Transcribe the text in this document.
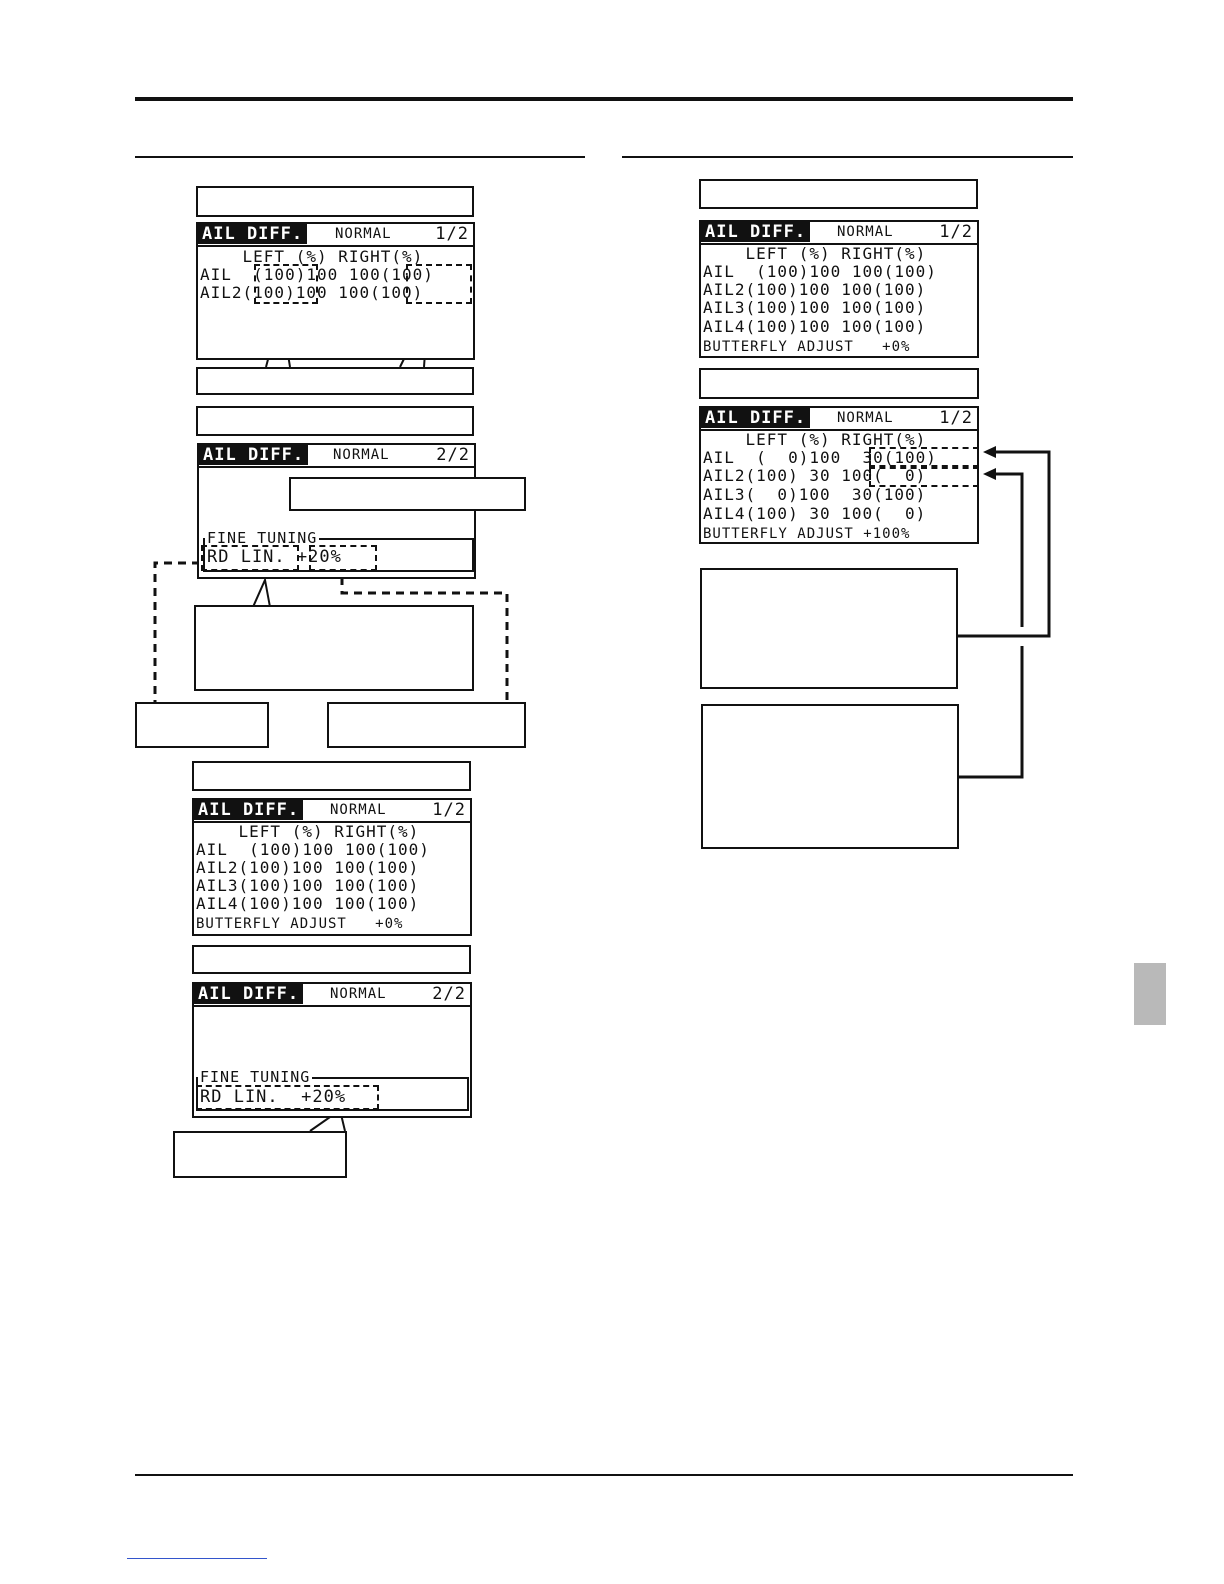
AIL DIFF. NORMAL	1/2
LEFT (%) RIGHT(%)
AIL  (100)100 100(100)
AIL2(100)100 100(100)
AIL DIFF. NORMAL	2/2
FINE TUNING
RD LIN. +20%
AIL DIFF. NORMAL	1/2
LEFT (%) RIGHT(%)
AIL  (100)100 100(100)
AIL2(100)100 100(100)
AIL3(100)100 100(100)
AIL4(100)100 100(100)
BUTTERFLY ADJUST   +0%
AIL DIFF. NORMAL	2/2
FINE TUNING
RD LIN.  +20%
AIL DIFF. NORMAL	1/2
LEFT (%) RIGHT(%)
AIL  (100)100 100(100)
AIL2(100)100 100(100)
AIL3(100)100 100(100)
AIL4(100)100 100(100)
BUTTERFLY ADJUST   +0%
AIL DIFF. NORMAL	1/2
LEFT (%) RIGHT(%)
AIL  (  0)100  30(100)
AIL2(100) 30 100(  0)
AIL3(  0)100  30(100)
AIL4(100) 30 100(  0)
BUTTERFLY ADJUST +100%
